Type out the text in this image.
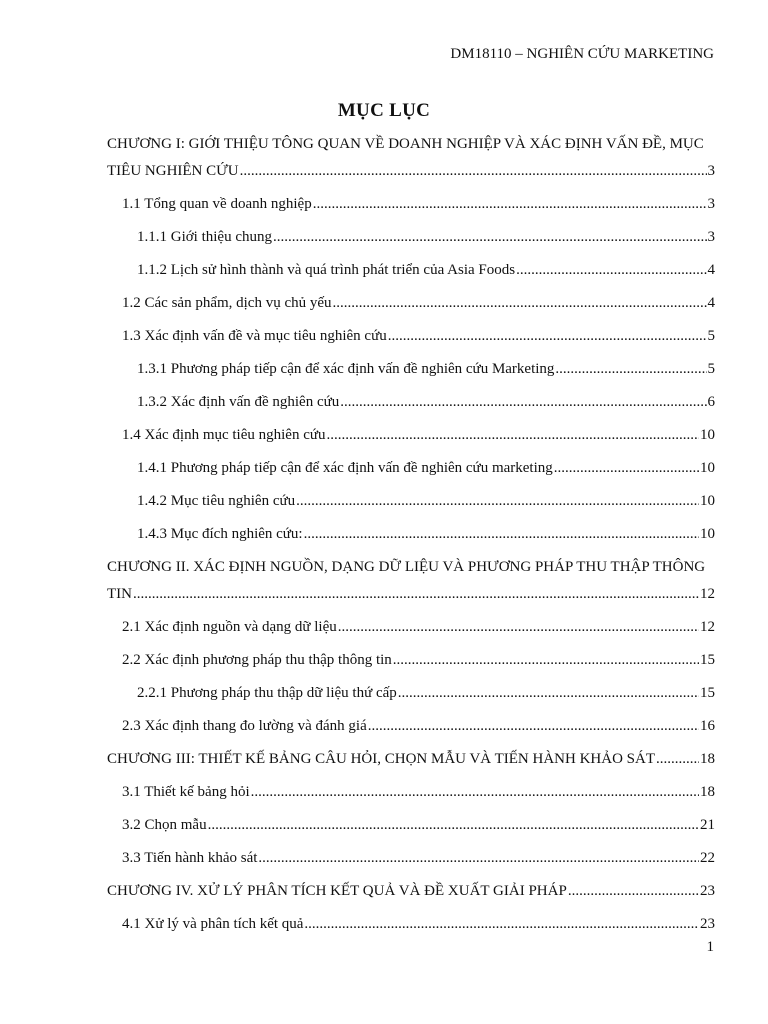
DM18110 – NGHIÊN CỨU MARKETING
MỤC LỤC
CHƯƠNG I: GIỚI THIỆU TÔNG QUAN VỀ DOANH NGHIỆP VÀ XÁC ĐỊNH VẤN ĐỀ, MỤC
TIÊU NGHIÊN CỨU .....	3
1.1 Tổng quan về doanh nghiệp .....	3
1.1.1 Giới thiệu chung .....	3
1.1.2 Lịch sử hình thành và quá trình phát triển của Asia Foods .....	4
1.2 Các sản phẩm, dịch vụ chủ yếu .....	4
1.3 Xác định vấn đề và mục tiêu nghiên cứu .....	5
1.3.1 Phương pháp tiếp cận để xác định vấn đề nghiên cứu Marketing .....	5
1.3.2 Xác định vấn đề nghiên cứu .....	6
1.4 Xác định mục tiêu nghiên cứu .....	10
1.4.1 Phương pháp tiếp cận để xác định vấn đề nghiên cứu marketing .....	10
1.4.2 Mục tiêu nghiên cứu .....	10
1.4.3 Mục đích nghiên cứu: .....	10
CHƯƠNG II. XÁC ĐỊNH NGUỒN, DẠNG DỮ LIỆU VÀ PHƯƠNG PHÁP THU THẬP THÔNG
TIN .....	12
2.1 Xác định nguồn và dạng dữ liệu .....	12
2.2 Xác định phương pháp thu thập thông tin .....	15
2.2.1 Phương pháp thu thập dữ liệu thứ cấp .....	15
2.3 Xác định thang đo lường và đánh giá .....	16
CHƯƠNG III: THIẾT KẾ BẢNG CÂU HỎI, CHỌN MẪU VÀ TIẾN HÀNH KHẢO SÁT .....	18
3.1 Thiết kế bảng hỏi .....	18
3.2 Chọn mẫu .....	21
3.3 Tiến hành khảo sát .....	22
CHƯƠNG IV. XỬ LÝ PHÂN TÍCH KẾT QUẢ VÀ ĐỀ XUẤT GIẢI PHÁP .....	23
4.1 Xử lý và phân tích kết quả .....	23
1
